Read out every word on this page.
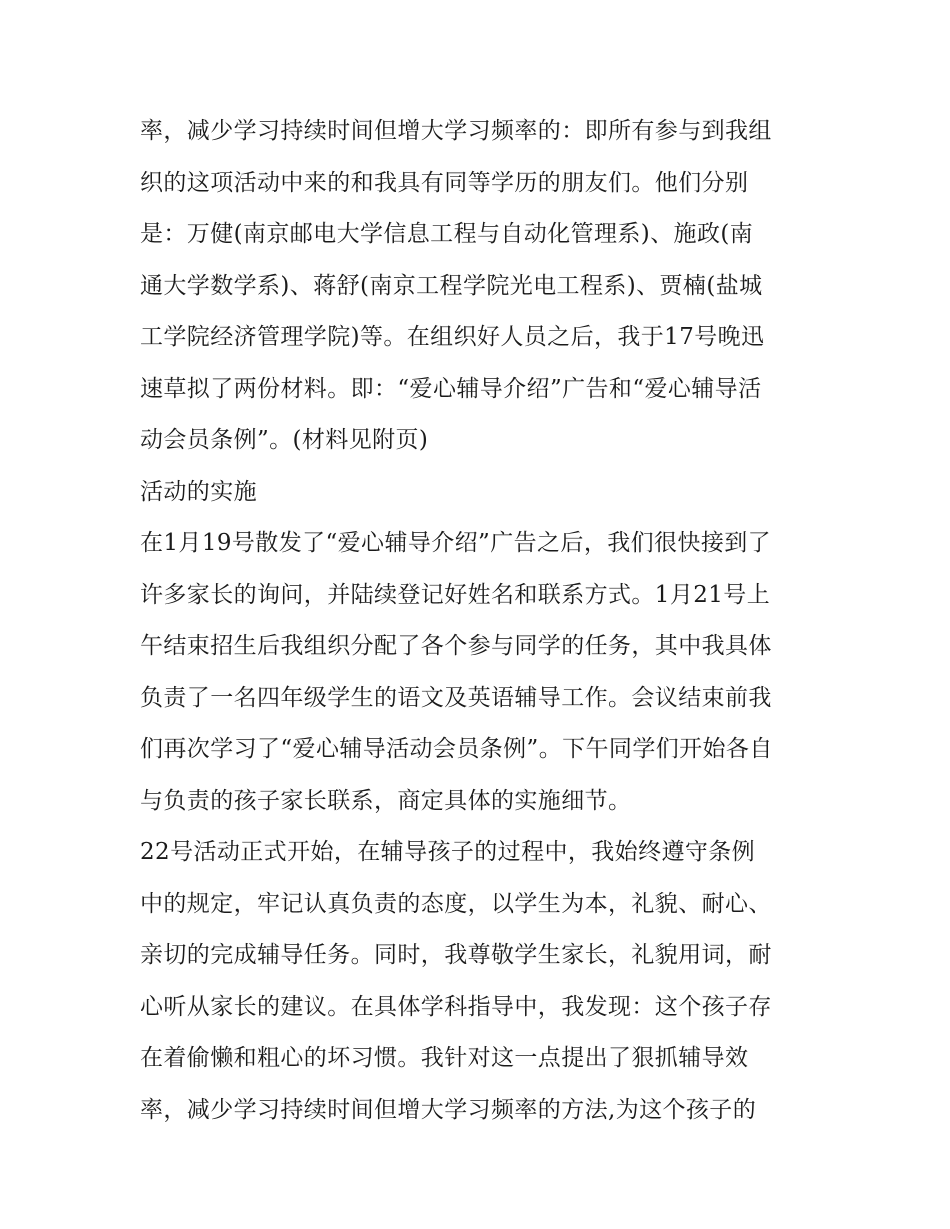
率，减少学习持续时间但增大学习频率的：即所有参与到我组
织的这项活动中来的和我具有同等学历的朋友们。他们分别
是：万健(南京邮电大学信息工程与自动化管理系)、施政(南
通大学数学系)、蒋舒(南京工程学院光电工程系)、贾楠(盐城
工学院经济管理学院)等。在组织好人员之后，我于17号晚迅
速草拟了两份材料。即：“爱心辅导介绍”广告和“爱心辅导活
动会员条例”。(材料见附页)
活动的实施
在1月19号散发了“爱心辅导介绍”广告之后，我们很快接到了
许多家长的询问，并陆续登记好姓名和联系方式。1月21号上
午结束招生后我组织分配了各个参与同学的任务，其中我具体
负责了一名四年级学生的语文及英语辅导工作。会议结束前我
们再次学习了“爱心辅导活动会员条例”。下午同学们开始各自
与负责的孩子家长联系，商定具体的实施细节。
22号活动正式开始，在辅导孩子的过程中，我始终遵守条例
中的规定，牢记认真负责的态度，以学生为本，礼貌、耐心、
亲切的完成辅导任务。同时，我尊敬学生家长，礼貌用词，耐
心听从家长的建议。在具体学科指导中，我发现：这个孩子存
在着偷懒和粗心的坏习惯。我针对这一点提出了狠抓辅导效
率，减少学习持续时间但增大学习频率的方法,为这个孩子的
